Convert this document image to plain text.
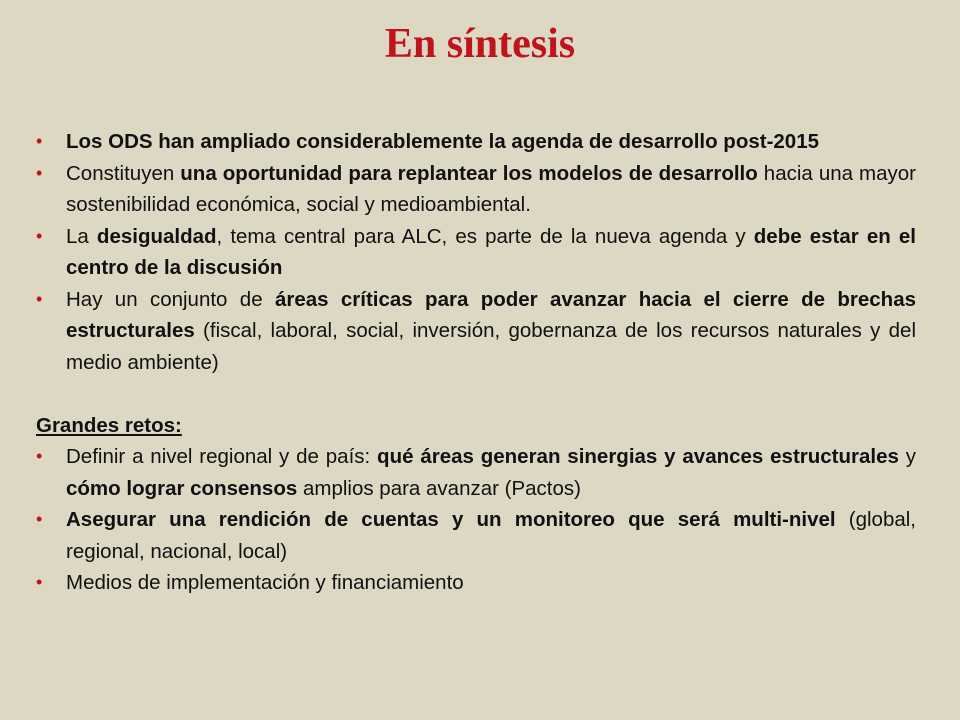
En síntesis
• Los ODS han ampliado considerablemente la agenda de desarrollo post-2015
• Constituyen una oportunidad para replantear los modelos de desarrollo hacia una mayor sostenibilidad económica, social y medioambiental.
• La desigualdad, tema central para ALC, es parte de la nueva agenda y debe estar en el centro de la discusión
• Hay un conjunto de áreas críticas para poder avanzar hacia el cierre de brechas estructurales (fiscal, laboral, social, inversión, gobernanza de los recursos naturales y del medio ambiente)
Grandes retos:
• Definir a nivel regional y de país: qué áreas generan sinergias y avances estructurales y cómo lograr consensos amplios para avanzar (Pactos)
• Asegurar una rendición de cuentas y un monitoreo que será multi-nivel (global, regional, nacional, local)
• Medios de implementación y financiamiento
